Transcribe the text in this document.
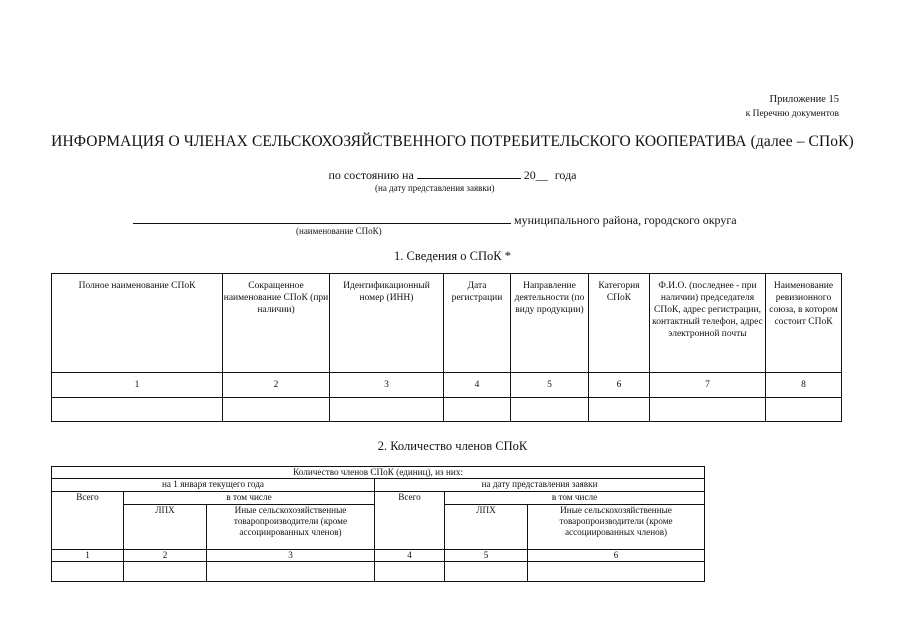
Приложение 15
к Перечню документов
ИНФОРМАЦИЯ О ЧЛЕНАХ СЕЛЬСКОХОЗЯЙСТВЕННОГО ПОТРЕБИТЕЛЬСКОГО КООПЕРАТИВА (далее – СПоК)
по состоянию на	20__ года
(на дату представления заявки)
муниципального района, городского округа
(наименование СПоК)
1. Сведения о СПоК *
Полное наименование СПоК	Сокращенное наименование СПоК (при наличии)	Идентификационный номер (ИНН)	Дата регистрации	Направление деятельности (по виду продукции)	Категория СПоК	Ф.И.О. (последнее - при наличии) председателя СПоК, адрес регистрации, контактный телефон, адрес электронной почты	Наименование ревизионного союза, в котором состоит СПоК
1	2	3	4	5	6	7	8

2. Количество членов СПоК
Количество членов СПоК (единиц), из них:					
на 1 января текущего года			на дату представления заявки		
Всего	в том числе		Всего	в том числе	
	ЛПХ	Иные сельскохозяйственные товаропроизводители (кроме ассоциированных членов)		ЛПХ	Иные сельскохозяйственные товаропроизводители (кроме ассоциированных членов)
1	2	3	4	5	6
